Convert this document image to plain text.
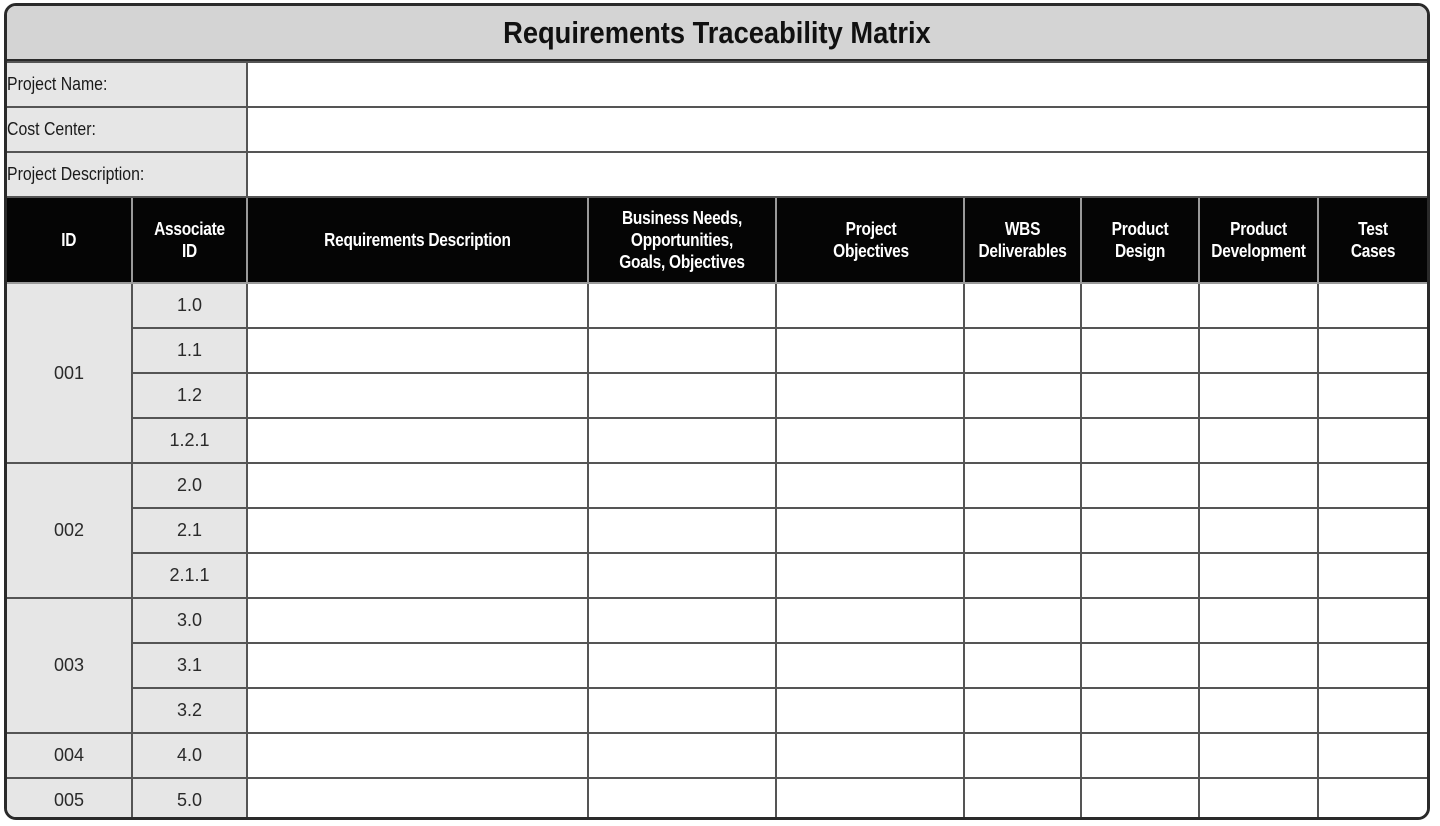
Requirements Traceability Matrix
Project Name:								
Cost Center:								
Project Description:								
ID	Associate ID	Requirements Description	Business Needs, Opportunities, Goals, Objectives	Project Objectives	WBS Deliverables	Product Design	Product Development	Test Cases
001	1.0							
	1.1							
	1.2							
	1.2.1							
002	2.0							
	2.1							
	2.1.1							
003	3.0							
	3.1							
	3.2							
004	4.0							
005	5.0							
